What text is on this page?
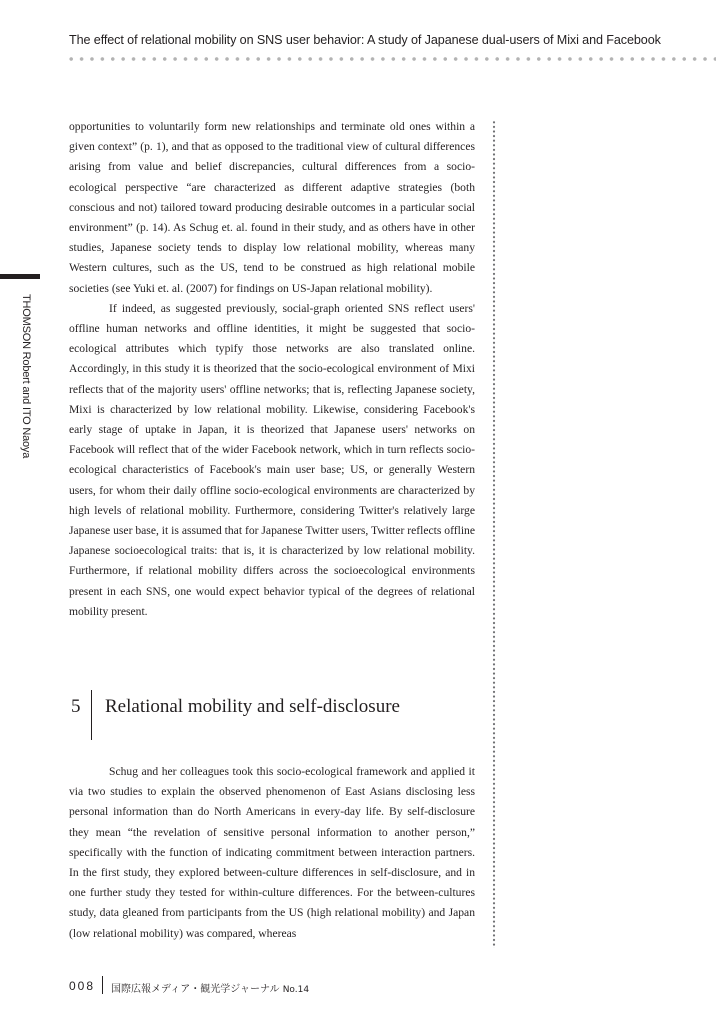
The effect of relational mobility on SNS user behavior: A study of Japanese dual-users of Mixi and Facebook
THOMSON Robert and ITO Naoya

opportunities to voluntarily form new relationships and terminate old ones within a given context” (p. 1), and that as opposed to the traditional view of cultural differences arising from value and belief discrepancies, cultural differences from a socio-ecological perspective “are characterized as different adaptive strategies (both conscious and not) tailored toward producing desirable outcomes in a particular social environment” (p. 14). As Schug et. al. found in their study, and as others have in other studies, Japanese society tends to display low relational mobility, whereas many Western cultures, such as the US, tend to be construed as high relational mobile societies (see Yuki et. al. (2007) for findings on US-Japan relational mobility).

If indeed, as suggested previously, social-graph oriented SNS reflect users' offline human networks and offline identities, it might be suggested that socio-ecological attributes which typify those networks are also translated online. Accordingly, in this study it is theorized that the socio-ecological environment of Mixi reflects that of the majority users' offline networks; that is, reflecting Japanese society, Mixi is characterized by low relational mobility. Likewise, considering Facebook's early stage of uptake in Japan, it is theorized that Japanese users' networks on Facebook will reflect that of the wider Facebook network, which in turn reflects socio-ecological characteristics of Facebook's main user base; US, or generally Western users, for whom their daily offline socio-ecological environments are characterized by high levels of relational mobility. Furthermore, considering Twitter's relatively large Japanese user base, it is assumed that for Japanese Twitter users, Twitter reflects offline Japanese socioecological traits: that is, it is characterized by low relational mobility. Furthermore, if relational mobility differs across the socioecological environments present in each SNS, one would expect behavior typical of the degrees of relational mobility present.

5 Relational mobility and self-disclosure

Schug and her colleagues took this socio-ecological framework and applied it via two studies to explain the observed phenomenon of East Asians disclosing less personal information than do North Americans in every-day life. By self-disclosure they mean “the revelation of sensitive personal information to another person,” specifically with the function of indicating commitment between interaction partners. In the first study, they explored between-culture differences in self-disclosure, and in one further study they tested for within-culture differences. For the between-cultures study, data gleaned from participants from the US (high relational mobility) and Japan (low relational mobility) was compared, whereas

008 国際広報メディア・観光学ジャーナル No.14
